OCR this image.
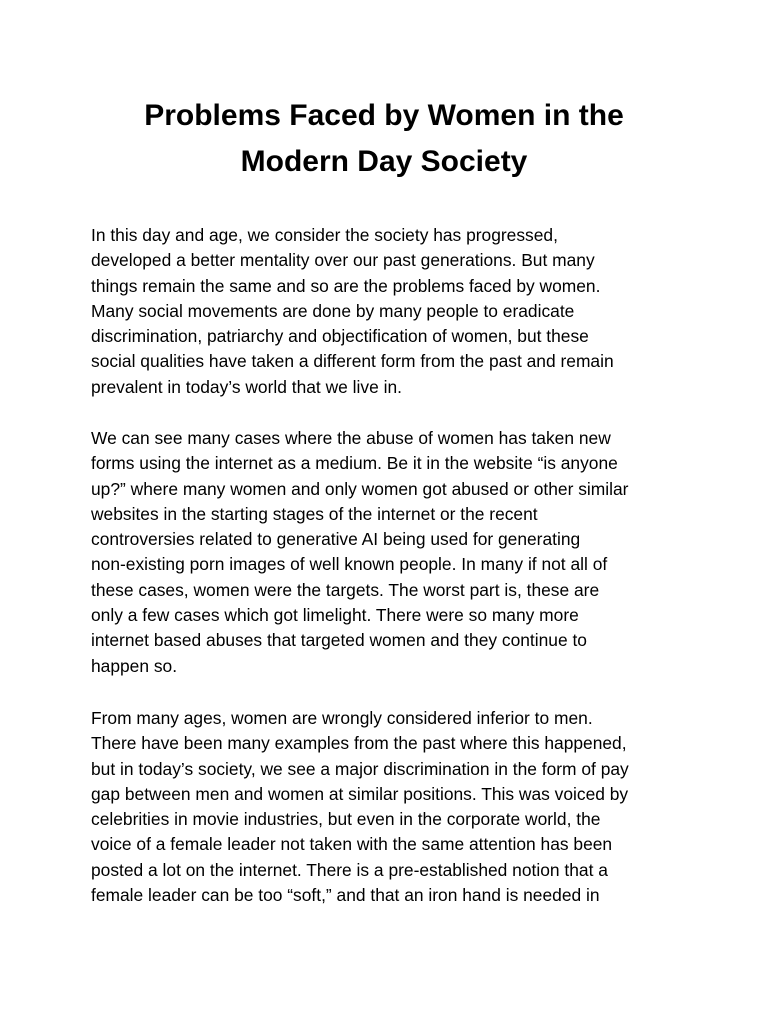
Problems Faced by Women in the
Modern Day Society

In this day and age, we consider the society has progressed,
developed a better mentality over our past generations. But many
things remain the same and so are the problems faced by women.
Many social movements are done by many people to eradicate
discrimination, patriarchy and objectification of women, but these
social qualities have taken a different form from the past and remain
prevalent in today’s world that we live in.

We can see many cases where the abuse of women has taken new
forms using the internet as a medium. Be it in the website “is anyone
up?” where many women and only women got abused or other similar
websites in the starting stages of the internet or the recent
controversies related to generative AI being used for generating
non-existing porn images of well known people. In many if not all of
these cases, women were the targets. The worst part is, these are
only a few cases which got limelight. There were so many more
internet based abuses that targeted women and they continue to
happen so.

From many ages, women are wrongly considered inferior to men.
There have been many examples from the past where this happened,
but in today’s society, we see a major discrimination in the form of pay
gap between men and women at similar positions. This was voiced by
celebrities in movie industries, but even in the corporate world, the
voice of a female leader not taken with the same attention has been
posted a lot on the internet. There is a pre-established notion that a
female leader can be too “soft,” and that an iron hand is needed in
